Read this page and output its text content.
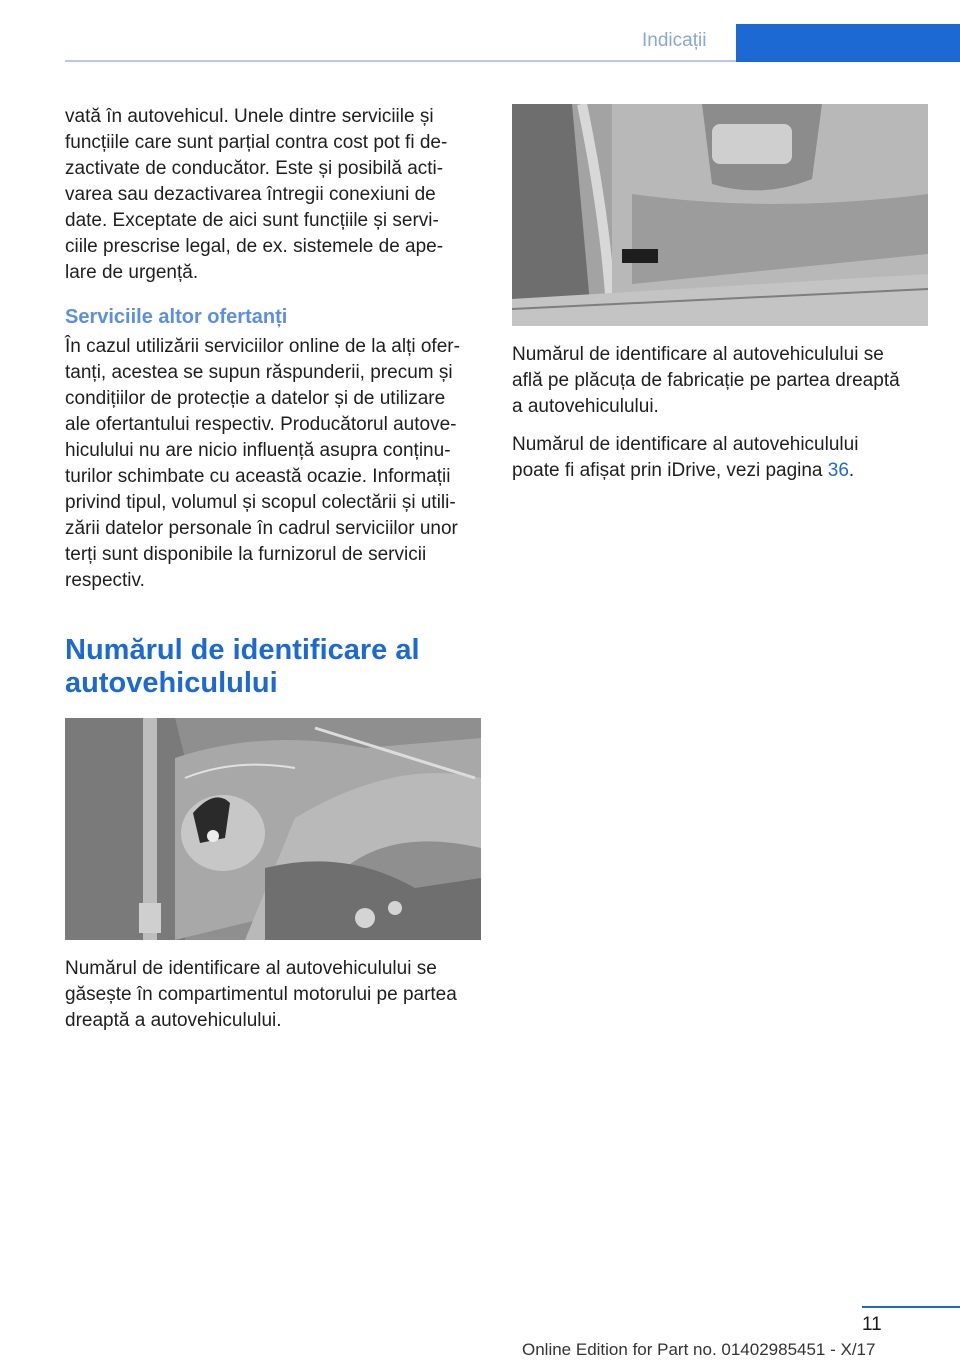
Indicații

vată în autovehicul. Unele dintre serviciile și
funcțiile care sunt parțial contra cost pot fi de-
zactivate de conducător. Este și posibilă acti-
varea sau dezactivarea întregii conexiuni de
date. Exceptate de aici sunt funcțiile și servi-
ciile prescrise legal, de ex. sistemele de ape-
lare de urgență.

Serviciile altor ofertanți

În cazul utilizării serviciilor online de la alți ofer-
tanți, acestea se supun răspunderii, precum și
condițiilor de protecție a datelor și de utilizare
ale ofertantului respectiv. Producătorul autove-
hiculului nu are nicio influență asupra conținu-
turilor schimbate cu această ocazie. Informații
privind tipul, volumul și scopul colectării și utili-
zării datelor personale în cadrul serviciilor unor
terți sunt disponibile la furnizorul de servicii
respectiv.

Numărul de identificare al
autovehiculului

Numărul de identificare al autovehiculului se
găsește în compartimentul motorului pe partea
dreaptă a autovehiculului.

Numărul de identificare al autovehiculului se
află pe plăcuța de fabricație pe partea dreaptă
a autovehiculului.

Numărul de identificare al autovehiculului
poate fi afișat prin iDrive, vezi pagina 36.

11
Online Edition for Part no. 01402985451 - X/17
